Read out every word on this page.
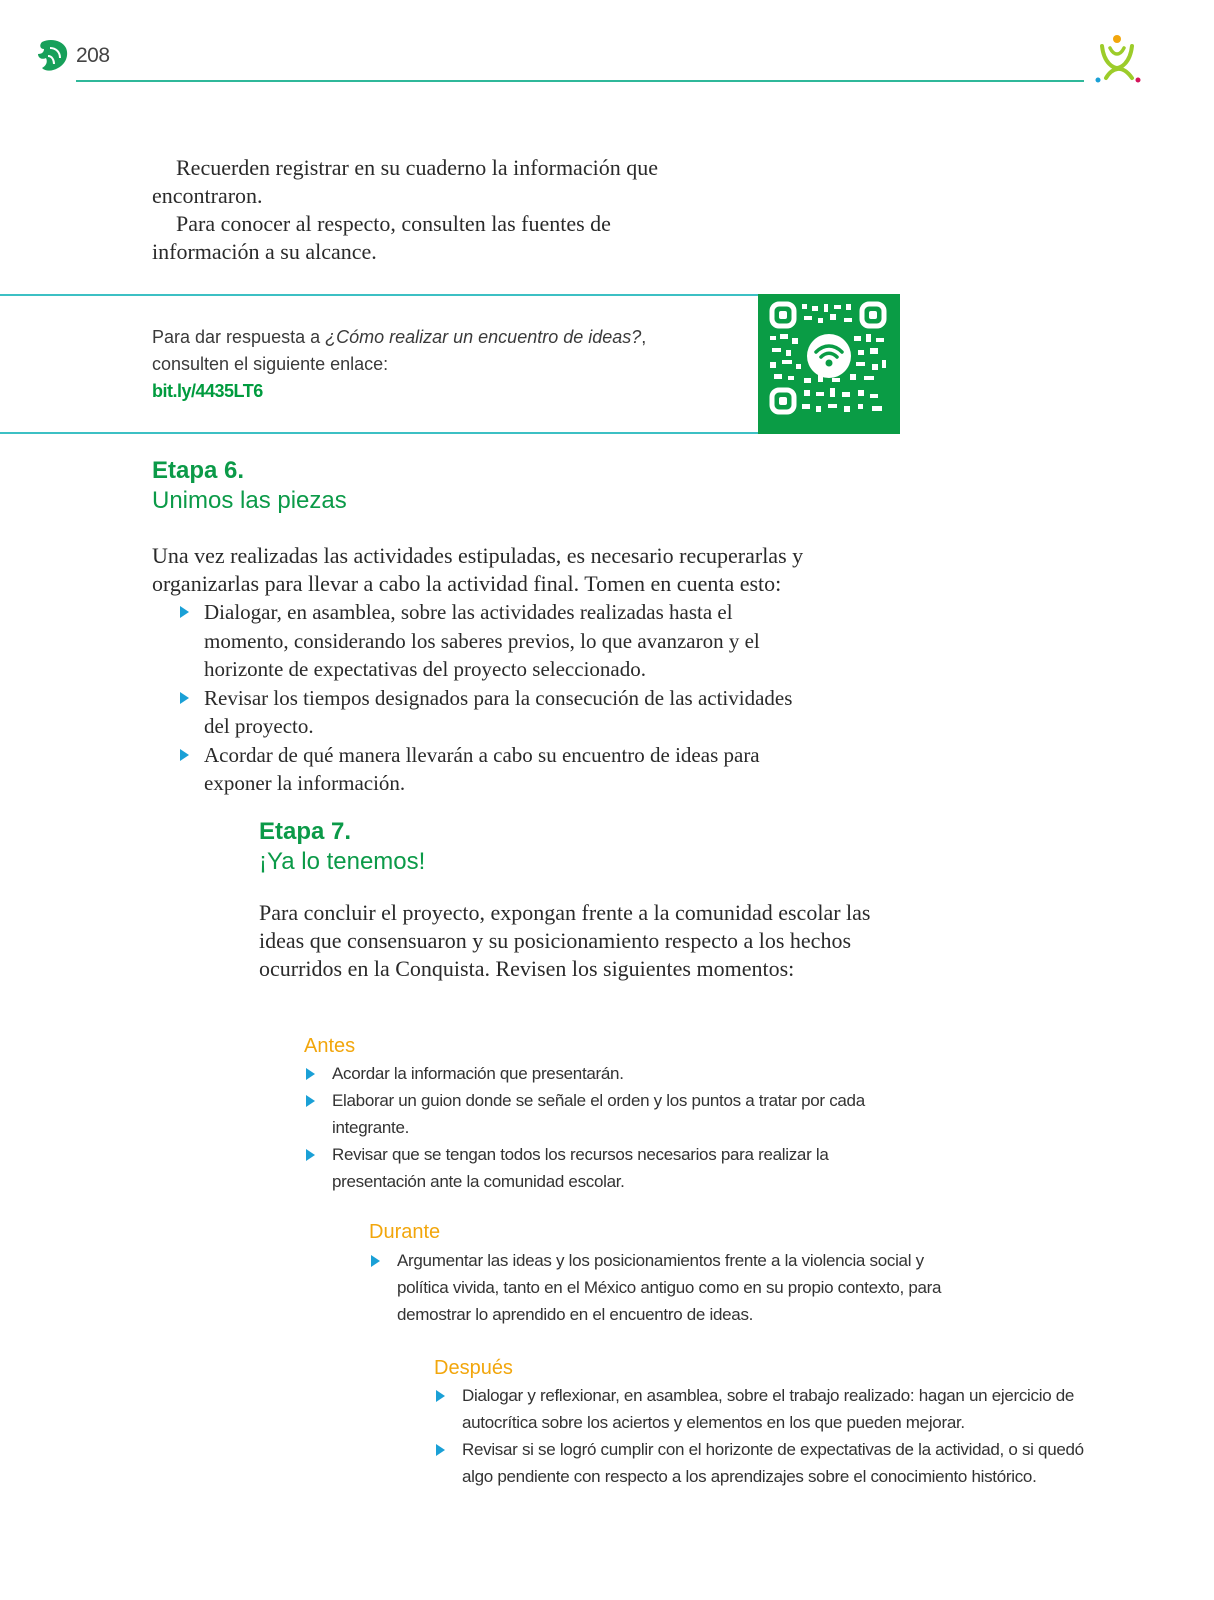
208

Recuerden registrar en su cuaderno la información que encontraron.

Para conocer al respecto, consulten las fuentes de información a su alcance.

Para dar respuesta a ¿Cómo realizar un encuentro de ideas?, consulten el siguiente enlace:
bit.ly/4435LT6

Etapa 6.

Unimos las piezas

Una vez realizadas las actividades estipuladas, es necesario recuperarlas y organizarlas para llevar a cabo la actividad final. Tomen en cuenta esto:

Dialogar, en asamblea, sobre las actividades realizadas hasta el momento, considerando los saberes previos, lo que avanzaron y el horizonte de expectativas del proyecto seleccionado.
Revisar los tiempos designados para la consecución de las actividades del proyecto.
Acordar de qué manera llevarán a cabo su encuentro de ideas para exponer la información.

Etapa 7.

¡Ya lo tenemos!

Para concluir el proyecto, expongan frente a la comunidad escolar las ideas que consensuaron y su posicionamiento respecto a los hechos ocurridos en la Conquista. Revisen los siguientes momentos:

Antes

Acordar la información que presentarán.
Elaborar un guion donde se señale el orden y los puntos a tratar por cada integrante.
Revisar que se tengan todos los recursos necesarios para realizar la presentación ante la comunidad escolar.

Durante

Argumentar las ideas y los posicionamientos frente a la violencia social y política vivida, tanto en el México antiguo como en su propio contexto, para demostrar lo aprendido en el encuentro de ideas.

Después

Dialogar y reflexionar, en asamblea, sobre el trabajo realizado: hagan un ejercicio de autocrítica sobre los aciertos y elementos en los que pueden mejorar.
Revisar si se logró cumplir con el horizonte de expectativas de la actividad, o si quedó algo pendiente con respecto a los aprendizajes sobre el conocimiento histórico.
